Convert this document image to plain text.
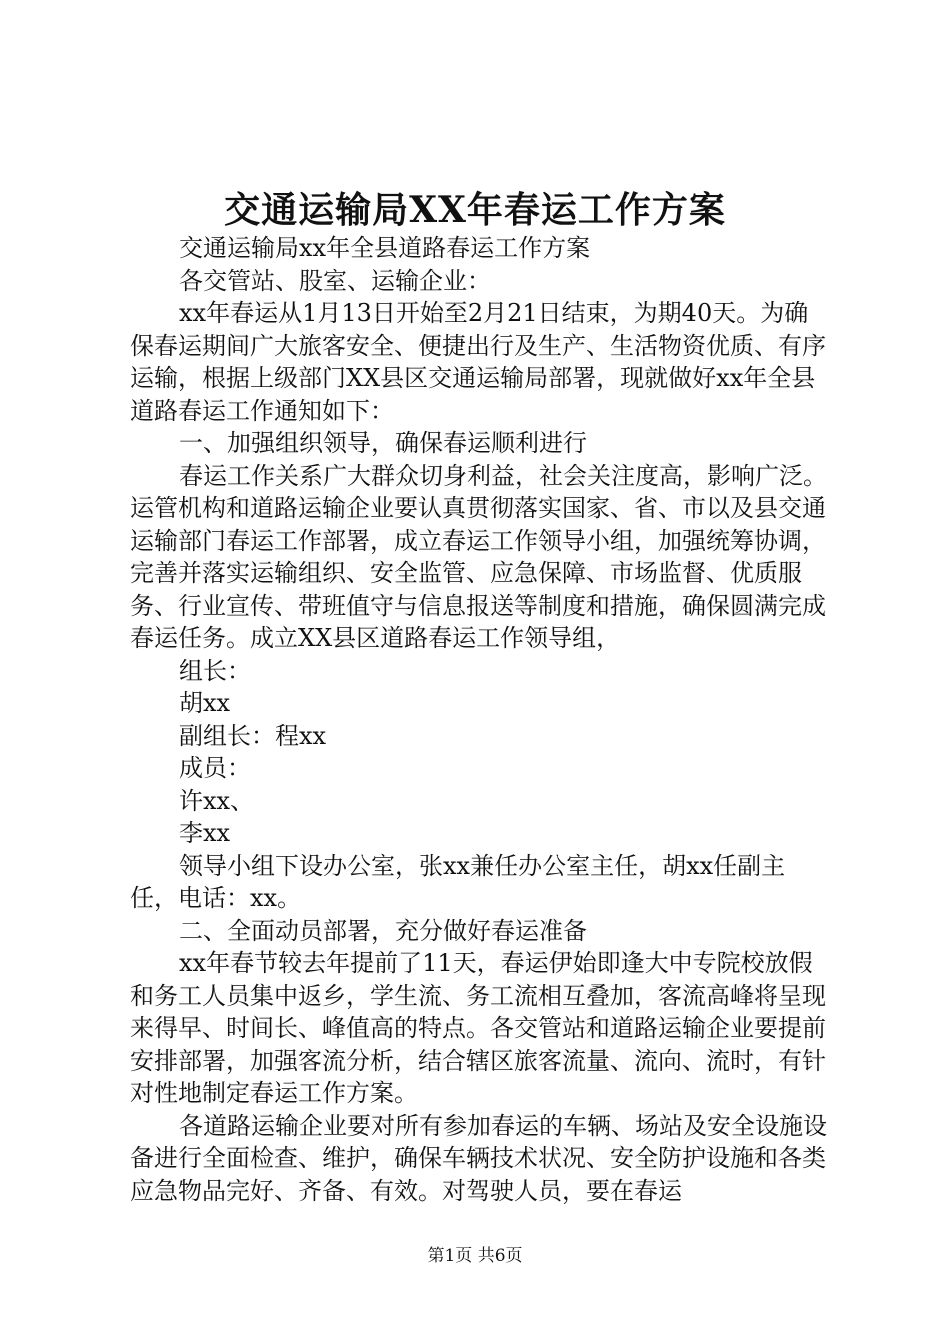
交通运输局XX年春运工作方案

交通运输局xx年全县道路春运工作方案

各交管站、股室、运输企业：

xx年春运从1月13日开始至2月21日结束，为期40天。为确保春运期间广大旅客安全、便捷出行及生产、生活物资优质、有序运输，根据上级部门XX县区交通运输局部署，现就做好xx年全县道路春运工作通知如下：

一、加强组织领导，确保春运顺利进行

春运工作关系广大群众切身利益，社会关注度高，影响广泛。运管机构和道路运输企业要认真贯彻落实国家、省、市以及县交通运输部门春运工作部署，成立春运工作领导小组，加强统筹协调，完善并落实运输组织、安全监管、应急保障、市场监督、优质服务、行业宣传、带班值守与信息报送等制度和措施，确保圆满完成春运任务。成立XX县区道路春运工作领导组，

组长：胡xx

副组长：程xx

成员：许xx、李xx

领导小组下设办公室，张xx兼任办公室主任，胡xx任副主任，电话：xx。

二、全面动员部署，充分做好春运准备

xx年春节较去年提前了11天，春运伊始即逢大中专院校放假和务工人员集中返乡，学生流、务工流相互叠加，客流高峰将呈现来得早、时间长、峰值高的特点。各交管站和道路运输企业要提前安排部署，加强客流分析，结合辖区旅客流量、流向、流时，有针对性地制定春运工作方案。

各道路运输企业要对所有参加春运的车辆、场站及安全设施设备进行全面检查、维护，确保车辆技术状况、安全防护设施和各类应急物品完好、齐备、有效。对驾驶人员，要在春运

第1页 共6页
